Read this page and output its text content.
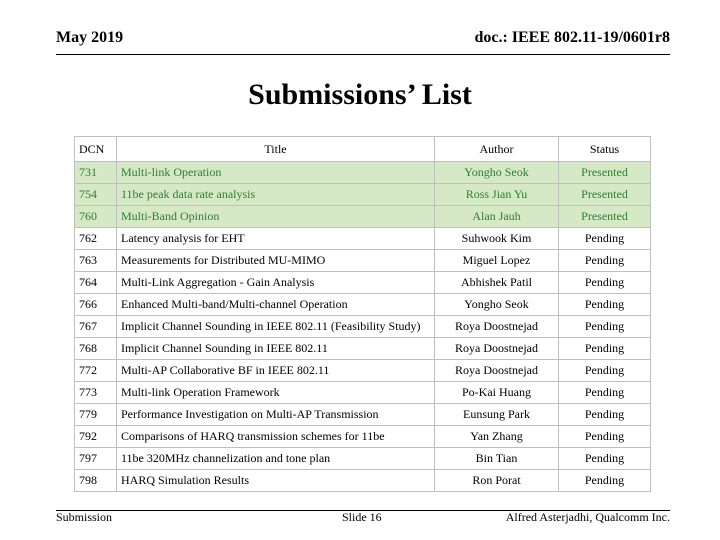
May 2019	doc.: IEEE 802.11-19/0601r8
Submissions’ List
DCN	Title	Author	Status
731	Multi-link Operation	Yongho Seok	Presented
754	11be peak data rate analysis	Ross Jian Yu	Presented
760	Multi-Band Opinion	Alan Jauh	Presented
762	Latency analysis for EHT	Suhwook Kim	Pending
763	Measurements for Distributed MU-MIMO	Miguel Lopez	Pending
764	Multi-Link Aggregation - Gain Analysis	Abhishek Patil	Pending
766	Enhanced Multi-band/Multi-channel Operation	Yongho Seok	Pending
767	Implicit Channel Sounding in IEEE 802.11 (Feasibility Study)	Roya Doostnejad	Pending
768	Implicit Channel Sounding in IEEE 802.11	Roya Doostnejad	Pending
772	Multi-AP Collaborative BF in IEEE 802.11	Roya Doostnejad	Pending
773	Multi-link Operation Framework	Po-Kai Huang	Pending
779	Performance Investigation on Multi-AP Transmission	Eunsung Park	Pending
792	Comparisons of HARQ transmission schemes for 11be	Yan Zhang	Pending
797	11be 320MHz channelization and tone plan	Bin Tian	Pending
798	HARQ Simulation Results	Ron Porat	Pending
Submission	Slide 16	Alfred Asterjadhi, Qualcomm Inc.
